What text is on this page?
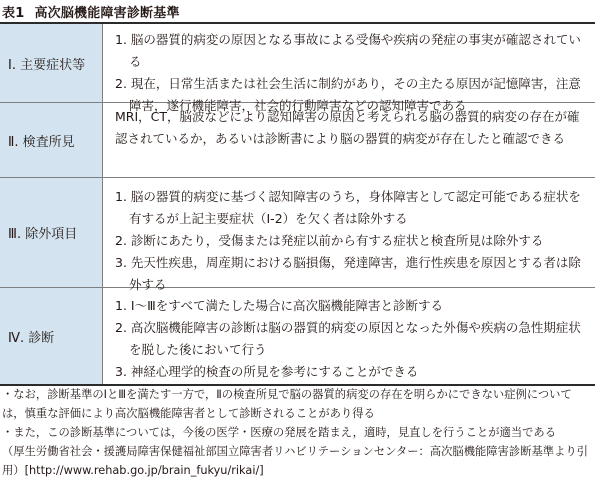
表1 高次脳機能障害診断基準
Ⅰ. 主要症状等

1. 脳の器質的病変の原因となる事故による受傷や疾病の発症の事実が確認されている

2. 現在，日常生活または社会生活に制約があり，その主たる原因が記憶障害，注意障害，遂行機能障害，社会的行動障害などの認知障害である

Ⅱ. 検査所見

MRI，CT，脳波などにより認知障害の原因と考えられる脳の器質的病変の存在が確認されているか，あるいは診断書により脳の器質的病変が存在したと確認できる

Ⅲ. 除外項目

1. 脳の器質的病変に基づく認知障害のうち，身体障害として認定可能である症状を有するが上記主要症状（Ⅰ-2）を欠く者は除外する

2. 診断にあたり，受傷または発症以前から有する症状と検査所見は除外する

3. 先天性疾患，周産期における脳損傷，発達障害，進行性疾患を原因とする者は除外する

Ⅳ. 診断

1. Ⅰ～Ⅲをすべて満たした場合に高次脳機能障害と診断する

2. 高次脳機能障害の診断は脳の器質的病変の原因となった外傷や疾病の急性期症状を脱した後において行う

3. 神経心理学的検査の所見を参考にすることができる

・なお，診断基準のⅠとⅢを満たす一方で，Ⅱの検査所見で脳の器質的病変の存在を明らかにできない症例については，慎重な評価により高次脳機能障害者として診断されることがあり得る

・また，この診断基準については，今後の医学・医療の発展を踏まえ，適時，見直しを行うことが適当である

（厚生労働省社会・援護局障害保健福祉部国立障害者リハビリテーションセンター：高次脳機能障害診断基準より引用）[http://www.rehab.go.jp/brain_fukyu/rikai/]
